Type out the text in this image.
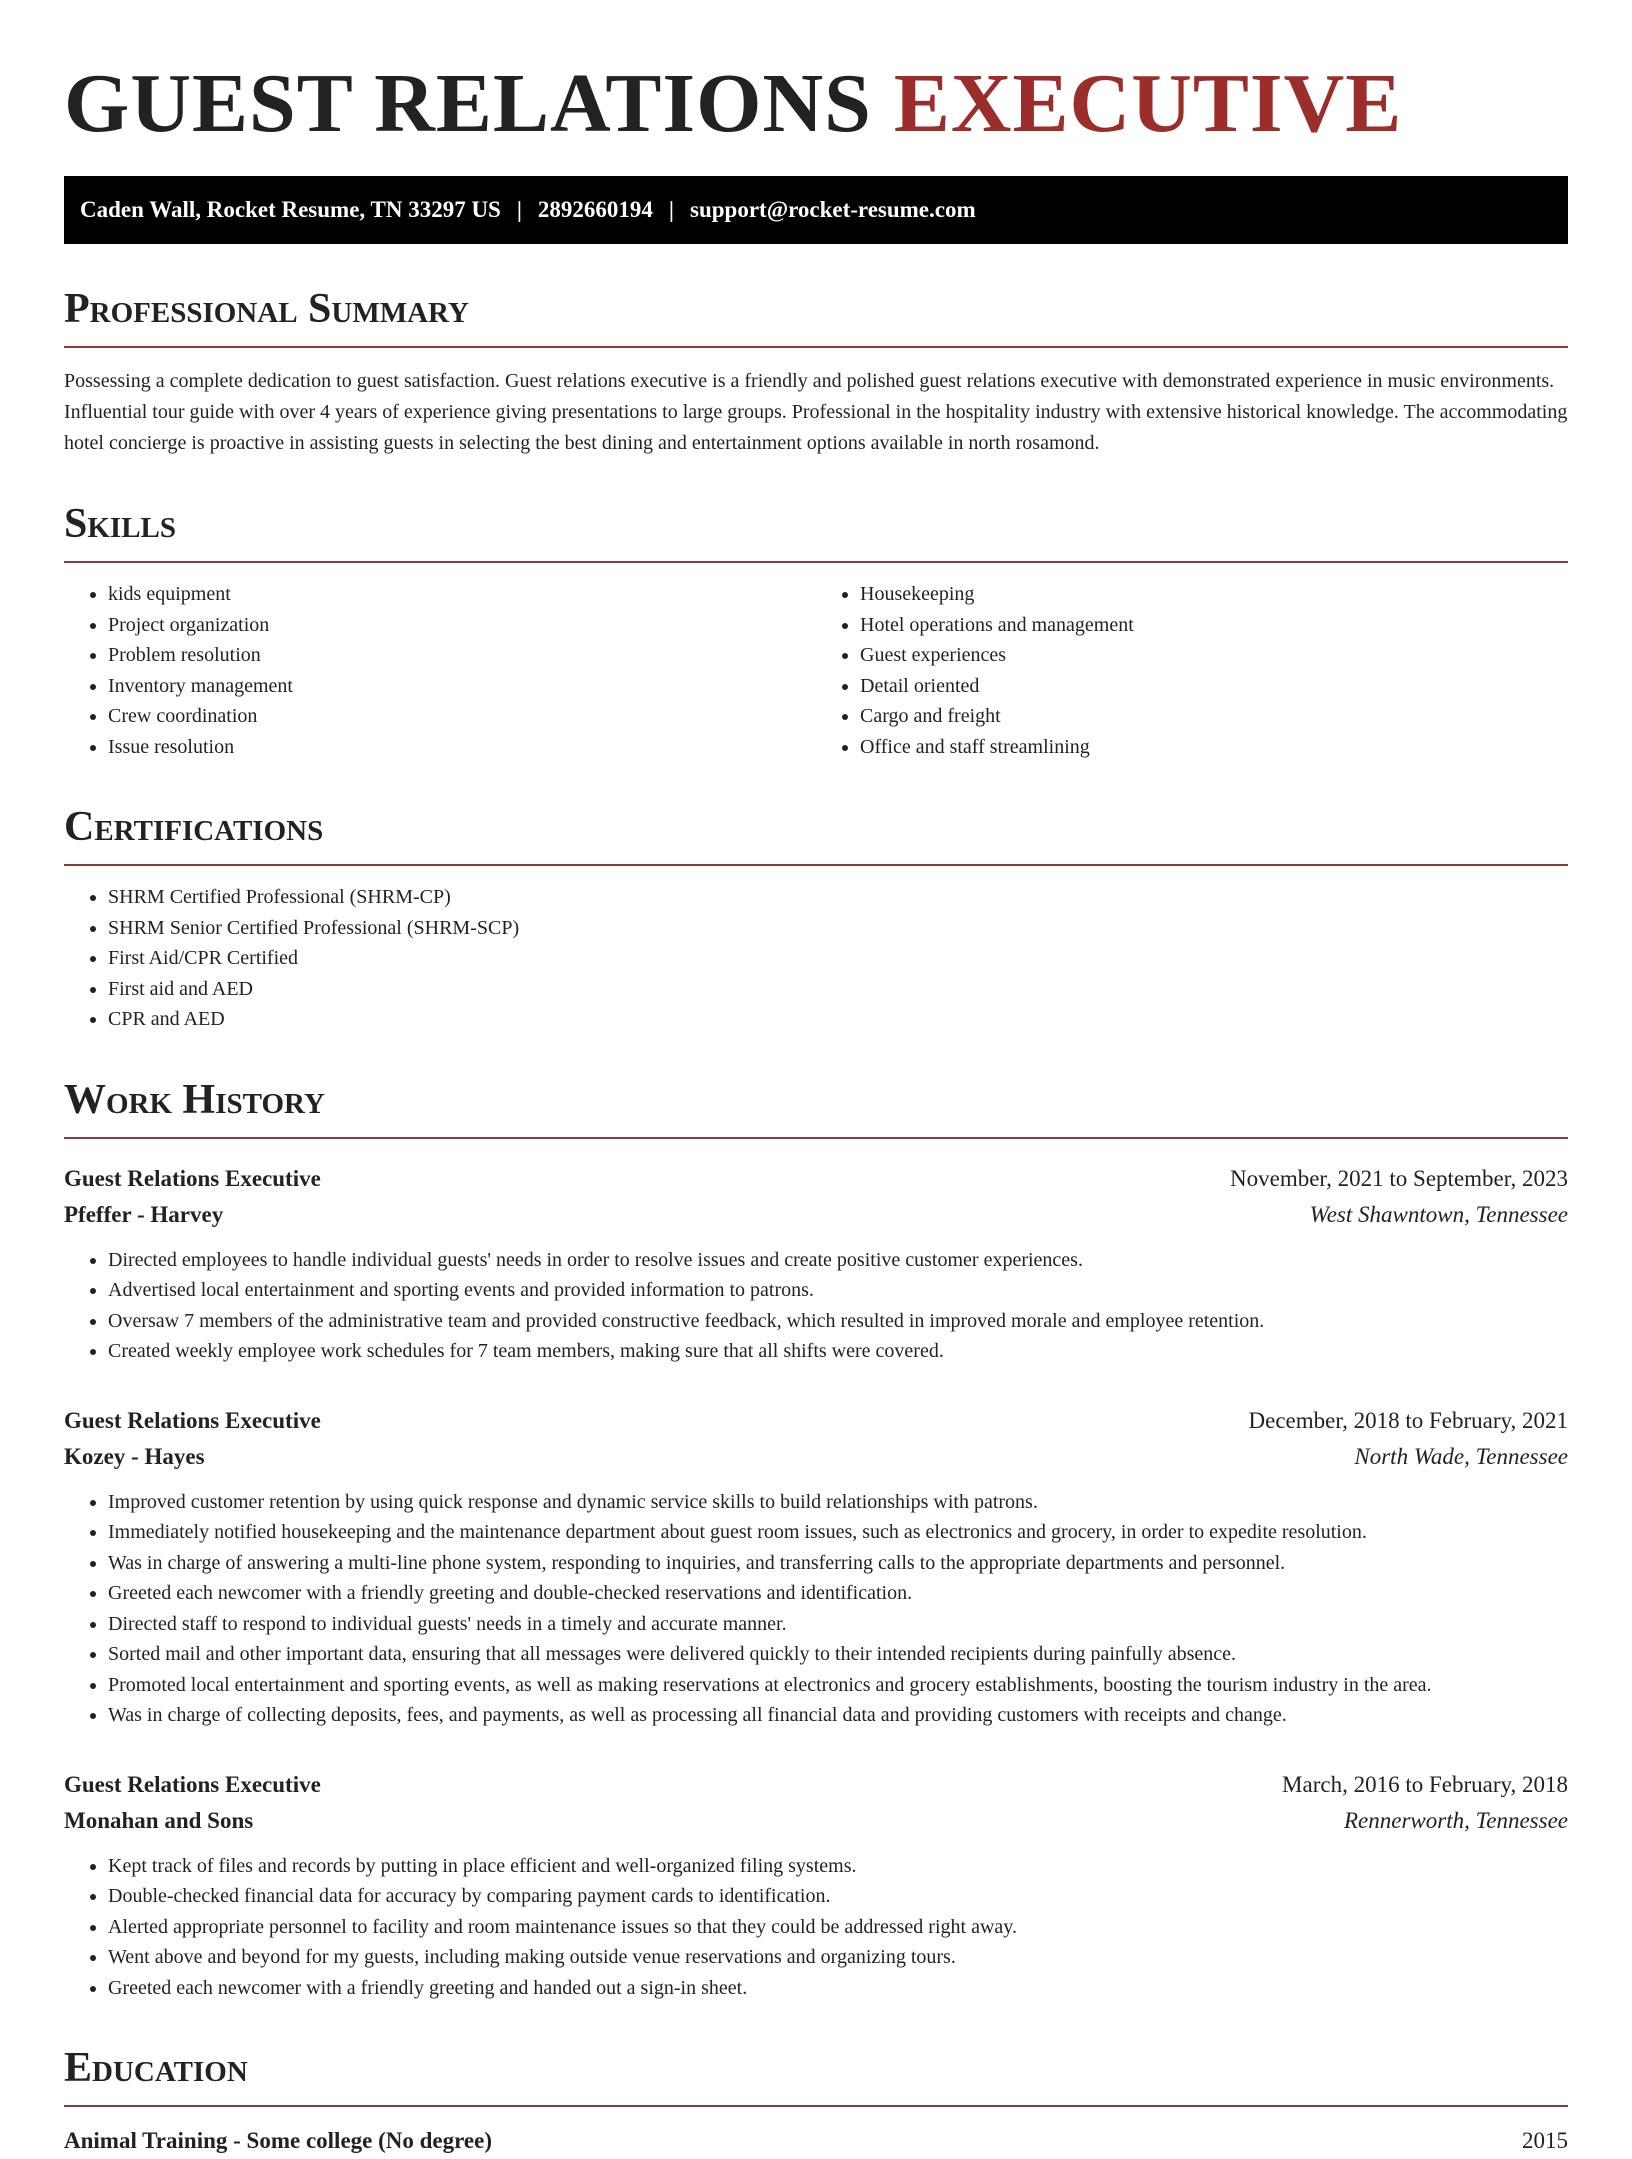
GUEST RELATIONS EXECUTIVE
Caden Wall, Rocket Resume, TN 33297 US | 2892660194 | support@rocket-resume.com
Professional Summary

Possessing a complete dedication to guest satisfaction. Guest relations executive is a friendly and polished guest relations executive with demonstrated experience in music environments. Influential tour guide with over 4 years of experience giving presentations to large groups. Professional in the hospitality industry with extensive historical knowledge. The accommodating hotel concierge is proactive in assisting guests in selecting the best dining and entertainment options available in north rosamond.

Skills
• kids equipment
• Project organization
• Problem resolution
• Inventory management
• Crew coordination
• Issue resolution
• Housekeeping
• Hotel operations and management
• Guest experiences
• Detail oriented
• Cargo and freight
• Office and staff streamlining
Certifications
• SHRM Certified Professional (SHRM-CP)
• SHRM Senior Certified Professional (SHRM-SCP)
• First Aid/CPR Certified
• First aid and AED
• CPR and AED
Work History
Guest Relations Executive	November, 2021 to September, 2023
Pfeffer - Harvey	West Shawntown, Tennessee
• Directed employees to handle individual guests' needs in order to resolve issues and create positive customer experiences.
• Advertised local entertainment and sporting events and provided information to patrons.
• Oversaw 7 members of the administrative team and provided constructive feedback, which resulted in improved morale and employee retention.
• Created weekly employee work schedules for 7 team members, making sure that all shifts were covered.
Guest Relations Executive	December, 2018 to February, 2021
Kozey - Hayes	North Wade, Tennessee
• Improved customer retention by using quick response and dynamic service skills to build relationships with patrons.
• Immediately notified housekeeping and the maintenance department about guest room issues, such as electronics and grocery, in order to expedite resolution.
• Was in charge of answering a multi-line phone system, responding to inquiries, and transferring calls to the appropriate departments and personnel.
• Greeted each newcomer with a friendly greeting and double-checked reservations and identification.
• Directed staff to respond to individual guests' needs in a timely and accurate manner.
• Sorted mail and other important data, ensuring that all messages were delivered quickly to their intended recipients during painfully absence.
• Promoted local entertainment and sporting events, as well as making reservations at electronics and grocery establishments, boosting the tourism industry in the area.
• Was in charge of collecting deposits, fees, and payments, as well as processing all financial data and providing customers with receipts and change.
Guest Relations Executive	March, 2016 to February, 2018
Monahan and Sons	Rennerworth, Tennessee
• Kept track of files and records by putting in place efficient and well-organized filing systems.
• Double-checked financial data for accuracy by comparing payment cards to identification.
• Alerted appropriate personnel to facility and room maintenance issues so that they could be addressed right away.
• Went above and beyond for my guests, including making outside venue reservations and organizing tours.
• Greeted each newcomer with a friendly greeting and handed out a sign-in sheet.
Education
Animal Training - Some college (No degree)	2015
